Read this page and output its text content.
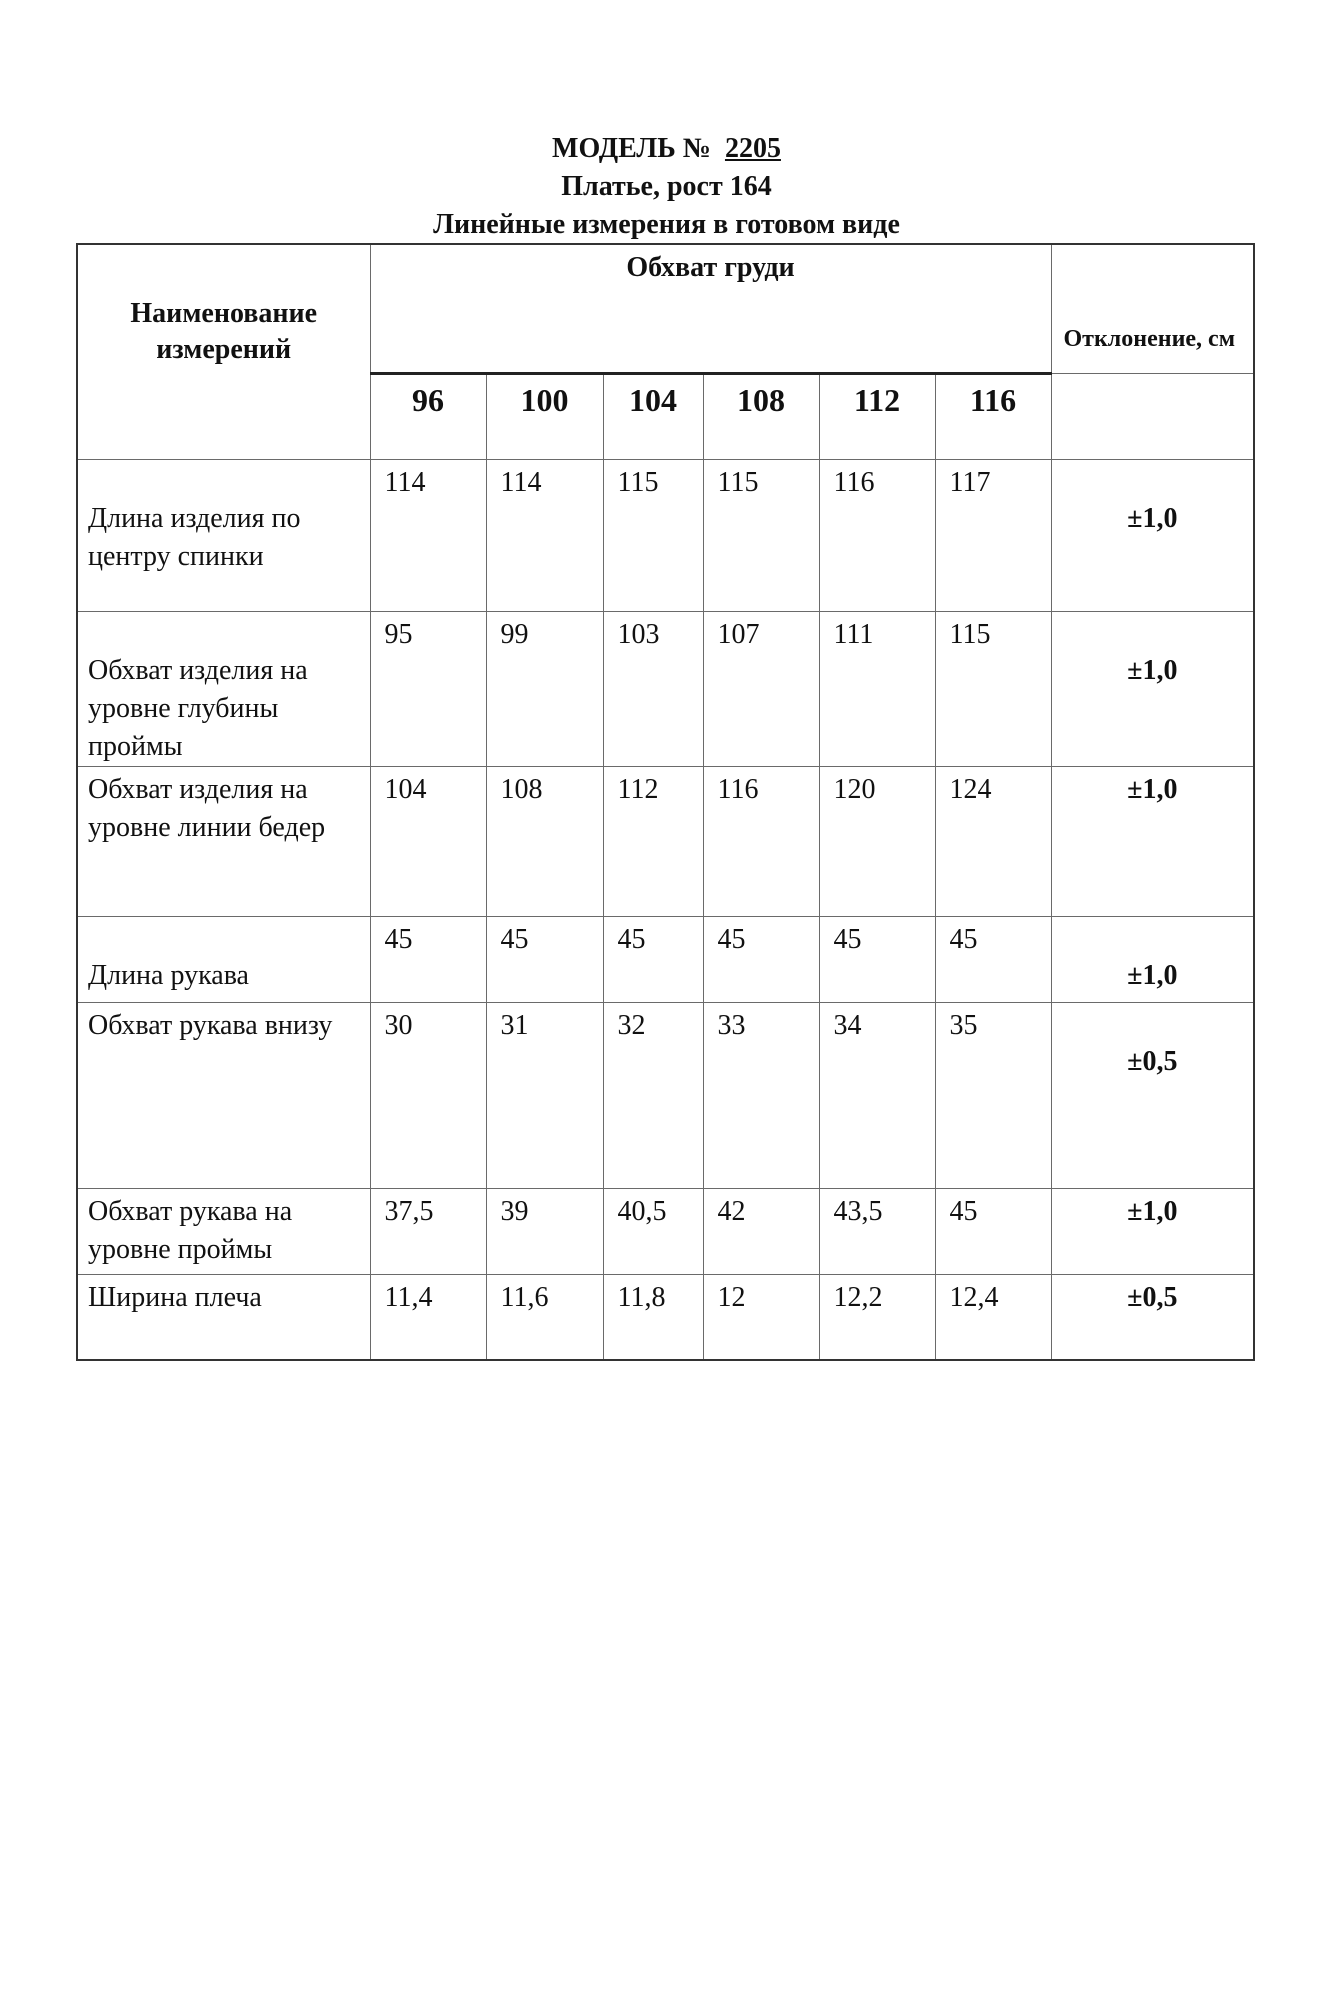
МОДЕЛЬ № 2205
Платье, рост 164
Линейные измерения в готовом виде
Наименование измерений	Обхват груди						Отклонение, см
	96	100	104	108	112	116	
Длина изделия по центру спинки	114	114	115	115	116	117	±1,0
Обхват изделия на уровне глубины проймы	95	99	103	107	111	115	±1,0
Обхват изделия на уровне линии бедер	104	108	112	116	120	124	±1,0
Длина рукава	45	45	45	45	45	45	±1,0
Обхват рукава внизу	30	31	32	33	34	35	±0,5
Обхват рукава на уровне проймы	37,5	39	40,5	42	43,5	45	±1,0
Ширина плеча	11,4	11,6	11,8	12	12,2	12,4	±0,5
